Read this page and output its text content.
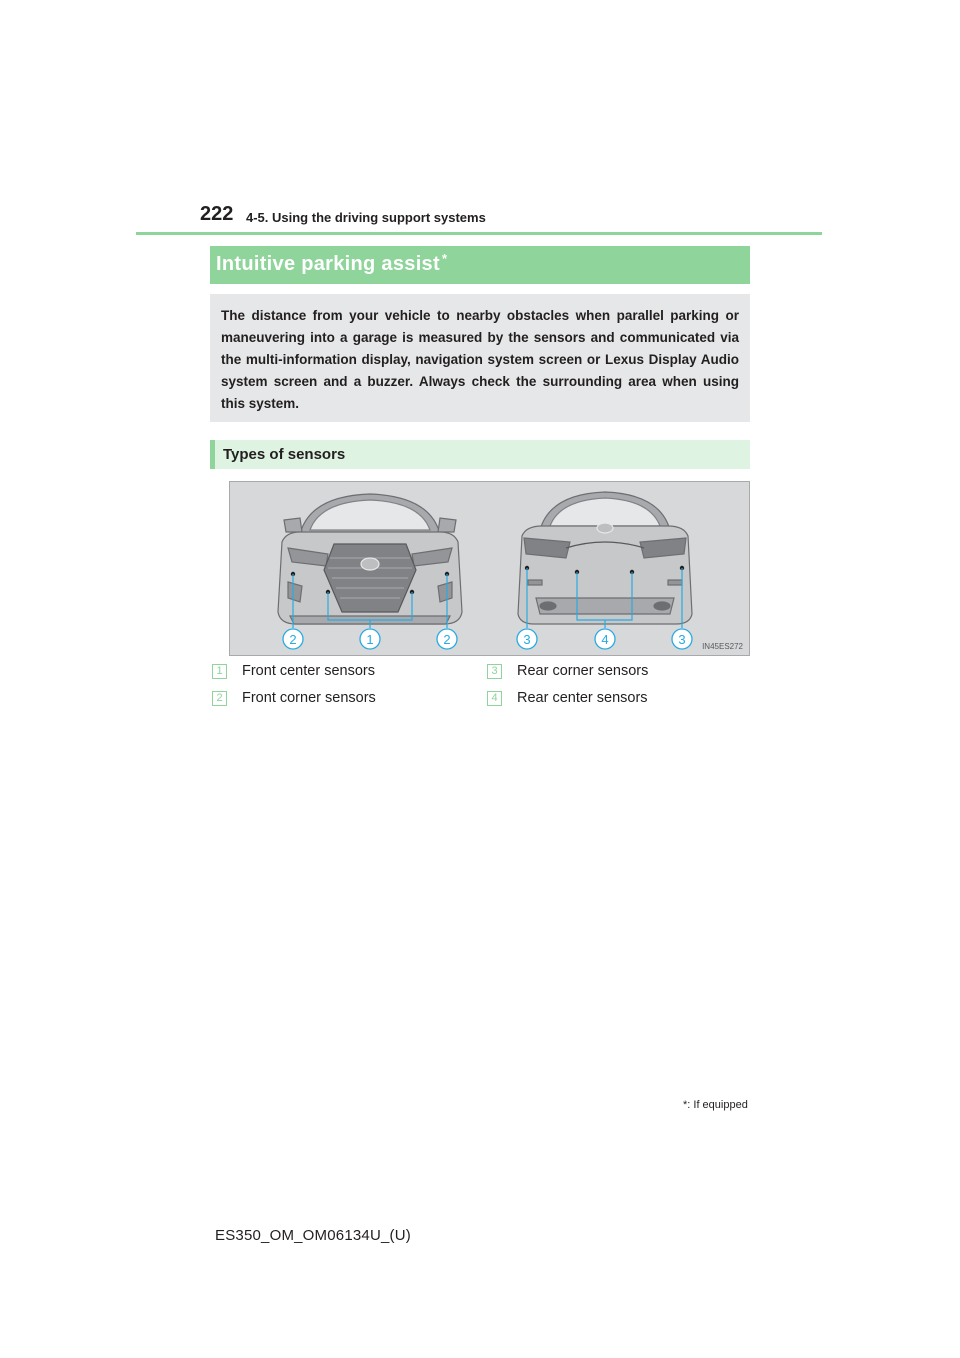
222 4-5. Using the driving support systems
Intuitive parking assist *

The distance from your vehicle to nearby obstacles when parallel parking or maneuvering into a garage is measured by the sensors and communicated via the multi-information display, navigation system screen or Lexus Display Audio system screen and a buzzer. Always check the surrounding area when using this system.

Types of sensors
2	1	2	3	4	3 IN45ES272
1	Front center sensors
2	Front corner sensors
3	Rear corner sensors
4	Rear center sensors
*: If equipped
ES350_OM_OM06134U_(U)
